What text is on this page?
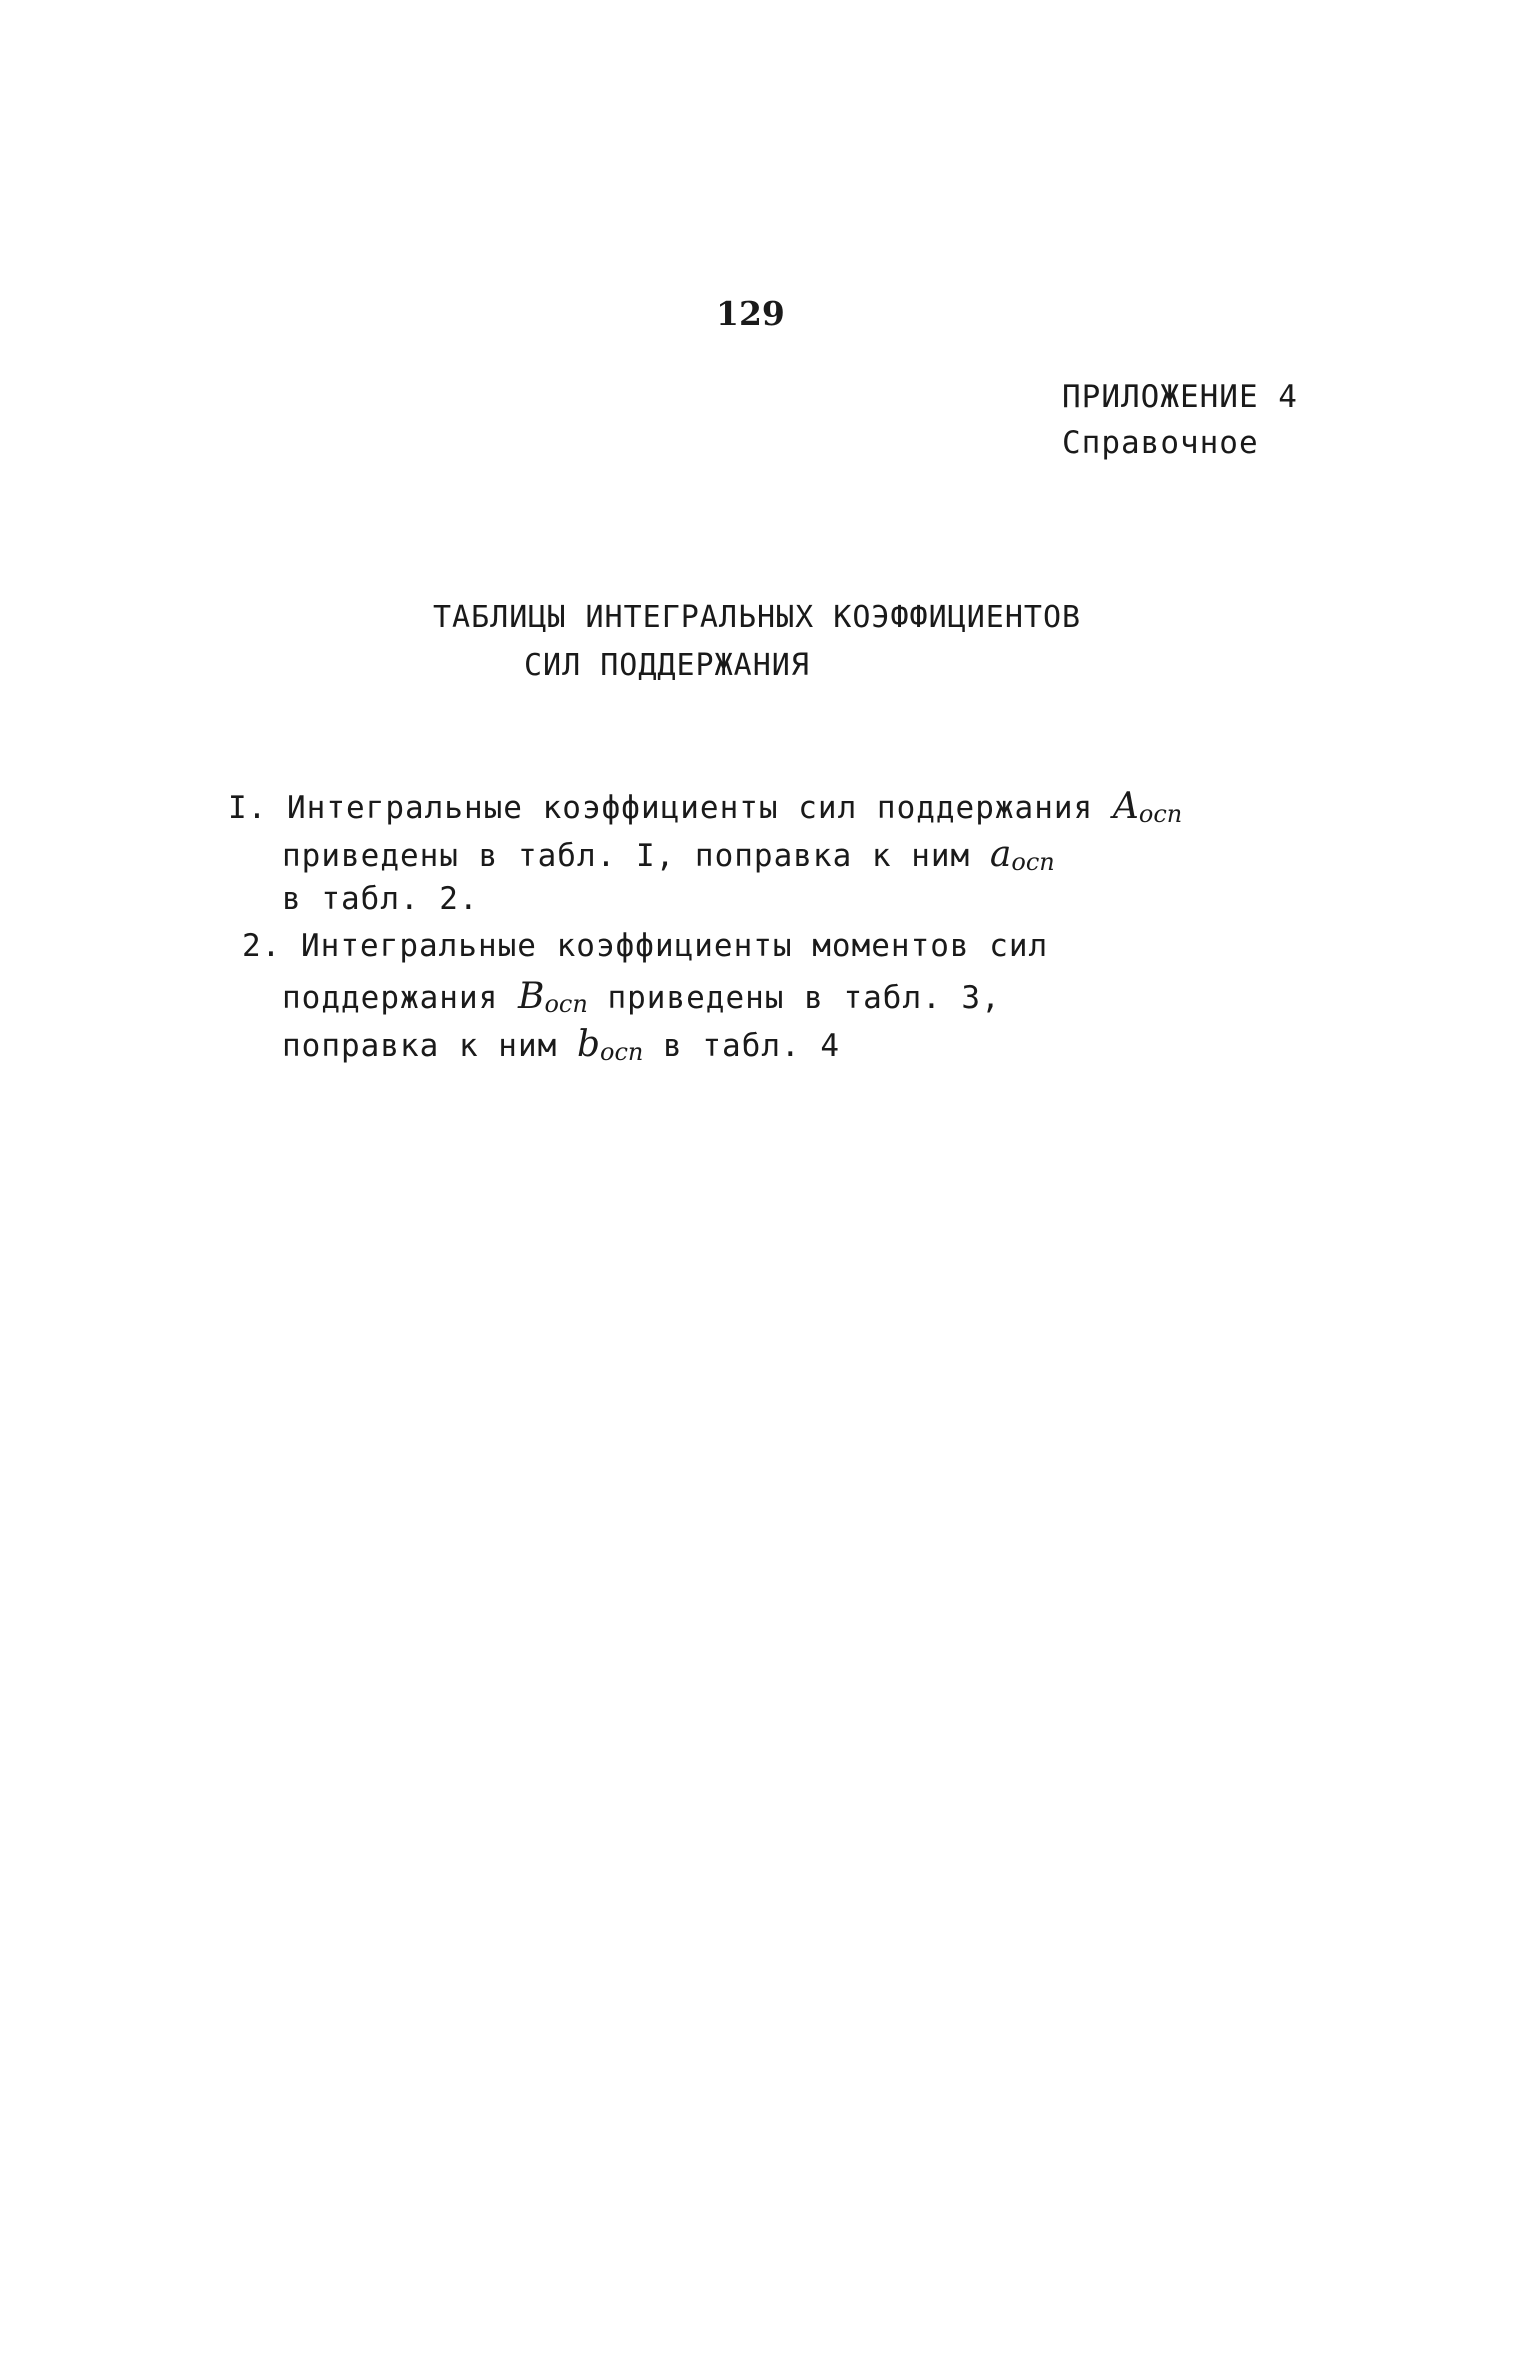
129
ПРИЛОЖЕНИЕ 4
Справочное
ТАБЛИЦЫ ИНТЕГРАЛЬНЫХ КОЭФФИЦИЕНТОВ
СИЛ ПОДДЕРЖАНИЯ
I. Интегральные коэффициенты сил поддержания Aосп
приведены в табл. I, поправка к ним aосп
в табл. 2.
2. Интегральные коэффициенты моментов сил
поддержания Bосп приведены в табл. 3,
поправка к ним bосп в табл. 4
